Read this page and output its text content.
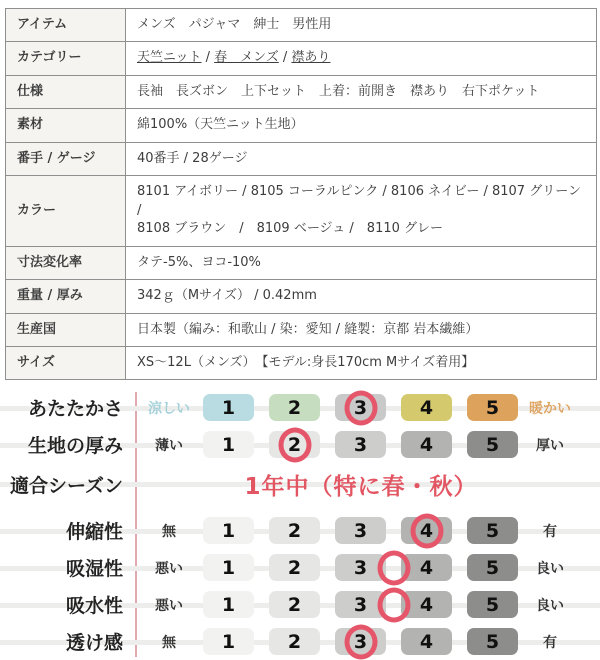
アイテム	メンズ　パジャマ　紳士　男性用
カテゴリー	天竺ニット / 春　メンズ / 襟あり
仕様	長袖　長ズボン　上下セット　上着：前開き　襟あり　右下ポケット
素材	綿100%（天竺ニット生地）
番手 / ゲージ	40番手 / 28ゲージ
カラー	8101 アイボリー / 8105 コーラルピンク / 8106 ネイビー / 8107 グリーン /
8108 ブラウン　/　8109 ベージュ /　8110 グレー
寸法変化率	タテ-5%、ヨコ-10%
重量 / 厚み	342ｇ（Mサイズ） / 0.42mm
生産国	日本製（編み：和歌山 / 染：愛知 / 縫製：京都 岩本繊維）
サイズ	XS～12L（メンズ）　【モデル:身長170cm Mサイズ着用】
あたたかさ	涼しい	1	2	3	4	5	暖かい
生地の厚み	薄い	1	2	3	4	5	厚い
適合シーズン	1年中（特に春・秋）
伸縮性	無	1	2	3	4	5	有
吸湿性	悪い	1	2	3	4	5	良い
吸水性	悪い	1	2	3	4	5	良い
透け感	無	1	2	3	4	5	有
